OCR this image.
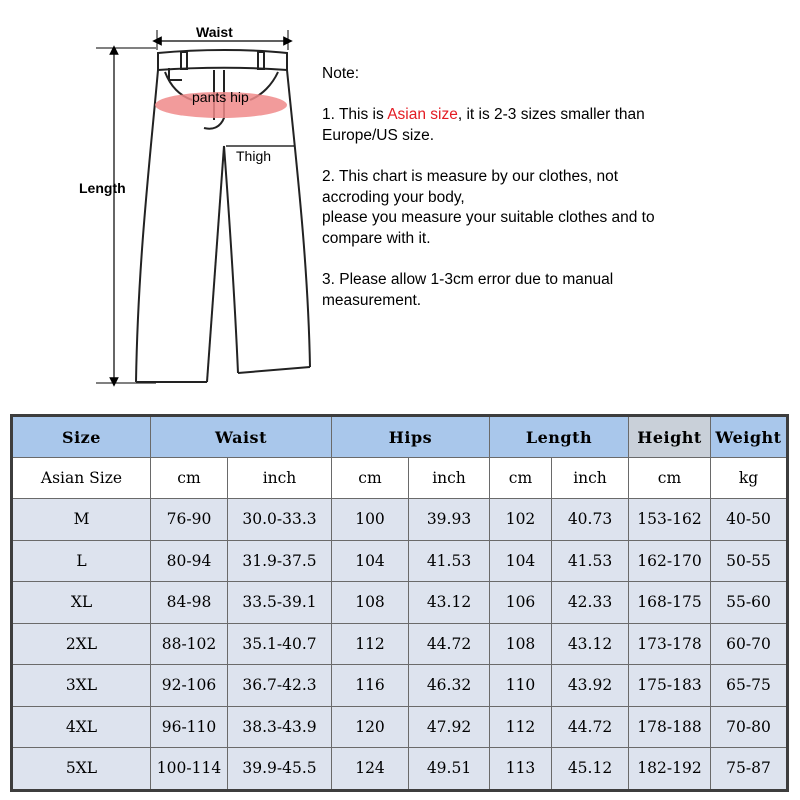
Waist
Length
pants hip
Thigh

Note:

1. This is Asian size, it is 2-3 sizes smaller than
Europe/US size.

2. This chart is measure by our clothes, not
accroding your body,
please you measure your suitable clothes and to
compare with it.

3. Please allow 1-3cm error due to manual
measurement.

Size	Waist		Hips		Length		Height	Weight
Asian Size	cm	inch	cm	inch	cm	inch	cm	kg
M	76-90	30.0-33.3	100	39.93	102	40.73	153-162	40-50
L	80-94	31.9-37.5	104	41.53	104	41.53	162-170	50-55
XL	84-98	33.5-39.1	108	43.12	106	42.33	168-175	55-60
2XL	88-102	35.1-40.7	112	44.72	108	43.12	173-178	60-70
3XL	92-106	36.7-42.3	116	46.32	110	43.92	175-183	65-75
4XL	96-110	38.3-43.9	120	47.92	112	44.72	178-188	70-80
5XL	100-114	39.9-45.5	124	49.51	113	45.12	182-192	75-87
